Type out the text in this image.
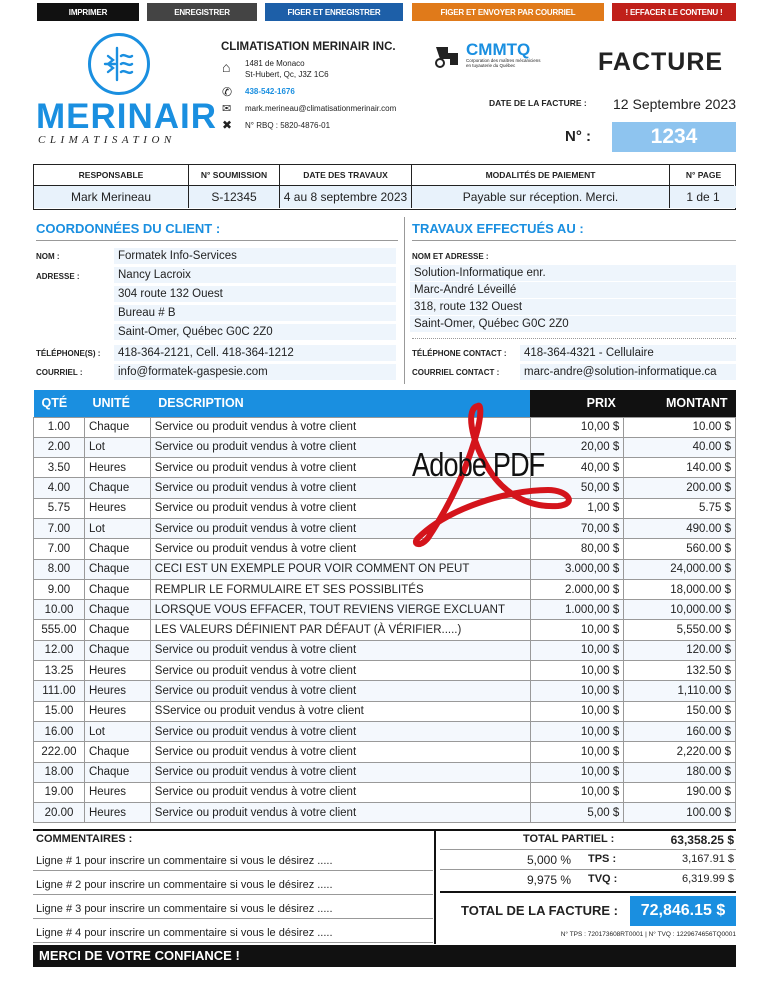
IMPRIMER	ENREGISTRER	FIGER ET ENREGISTRER	FIGER ET ENVOYER PAR COURRIEL	! EFFACER LE CONTENU !
MERINAIR
CLIMATISATION
CLIMATISATION MERINAIR INC.
⌂ 1481 de Monaco
St-Hubert, Qc, J3Z 1C6
✆ 438-542-1676
✉ mark.merineau@climatisationmerinair.com
✖ N° RBQ : 5820-4876-01
CMMTQ
Corporation des maîtres mécaniciens en tuyauterie du Québec	FACTURE
DATE DE LA FACTURE :	12 Septembre 2023
N° :	1234
RESPONSABLE	N° SOUMISSION	DATE DES TRAVAUX	MODALITÉS DE PAIEMENT	N° PAGE
Mark Merineau	S-12345	4 au 8 septembre 2023	Payable sur réception. Merci.	1 de 1
COORDONNÉES DU CLIENT :
NOM :	Formatek Info-Services
ADRESSE :	Nancy Lacroix
304 route 132 Ouest
Bureau # B
Saint-Omer, Québec G0C 2Z0
TÉLÉPHONE(S) :	418-364-2121, Cell. 418-364-1212
COURRIEL :	info@formatek-gaspesie.com
TRAVAUX EFFECTUÉS AU :
NOM ET ADRESSE :
Solution-Informatique enr.
Marc-André Léveillé
318, route 132 Ouest
Saint-Omer, Québec G0C 2Z0
TÉLÉPHONE CONTACT :	418-364-4321 - Cellulaire
COURRIEL CONTACT :	marc-andre@solution-informatique.ca
QTÉ	UNITÉ	DESCRIPTION	PRIX	MONTANT
1.00	Chaque	Service ou produit vendus à votre client	10,00 $	10.00 $
2.00	Lot	Service ou produit vendus à votre client	20,00 $	40.00 $
3.50	Heures	Service ou produit vendus à votre client	40,00 $	140.00 $
4.00	Chaque	Service ou produit vendus à votre client	50,00 $	200.00 $
5.75	Heures	Service ou produit vendus à votre client	1,00 $	5.75 $
7.00	Lot	Service ou produit vendus à votre client	70,00 $	490.00 $
7.00	Chaque	Service ou produit vendus à votre client	80,00 $	560.00 $
8.00	Chaque	CECI EST UN EXEMPLE POUR VOIR COMMENT ON PEUT	3.000,00 $	24,000.00 $
9.00	Chaque	REMPLIR LE FORMULAIRE ET SES POSSIBLITÉS	2.000,00 $	18,000.00 $
10.00	Chaque	LORSQUE VOUS EFFACER, TOUT REVIENS VIERGE EXCLUANT	1.000,00 $	10,000.00 $
555.00	Chaque	LES VALEURS DÉFINIENT PAR DÉFAUT (À VÉRIFIER.....)	10,00 $	5,550.00 $
12.00	Chaque	Service ou produit vendus à votre client	10,00 $	120.00 $
13.25	Heures	Service ou produit vendus à votre client	10,00 $	132.50 $
111.00	Heures	Service ou produit vendus à votre client	10,00 $	1,110.00 $
15.00	Heures	SService ou produit vendus à votre client	10,00 $	150.00 $
16.00	Lot	Service ou produit vendus à votre client	10,00 $	160.00 $
222.00	Chaque	Service ou produit vendus à votre client	10,00 $	2,220.00 $
18.00	Chaque	Service ou produit vendus à votre client	10,00 $	180.00 $
19.00	Heures	Service ou produit vendus à votre client	10,00 $	190.00 $
20.00	Heures	Service ou produit vendus à votre client	5,00 $	100.00 $
Adobe PDF
COMMENTAIRES :
Ligne # 1 pour inscrire un commentaire si vous le désirez .....
Ligne # 2 pour inscrire un commentaire si vous le désirez .....
Ligne # 3 pour inscrire un commentaire si vous le désirez .....
Ligne # 4 pour inscrire un commentaire si vous le désirez .....
TOTAL PARTIEL :	63,358.25 $
5,000 % TPS :	3,167.91 $
9,975 % TVQ :	6,319.99 $
TOTAL DE LA FACTURE :	72,846.15 $
N° TPS : 720173608RT0001 | N° TVQ : 1229674656TQ0001
MERCI DE VOTRE CONFIANCE !
